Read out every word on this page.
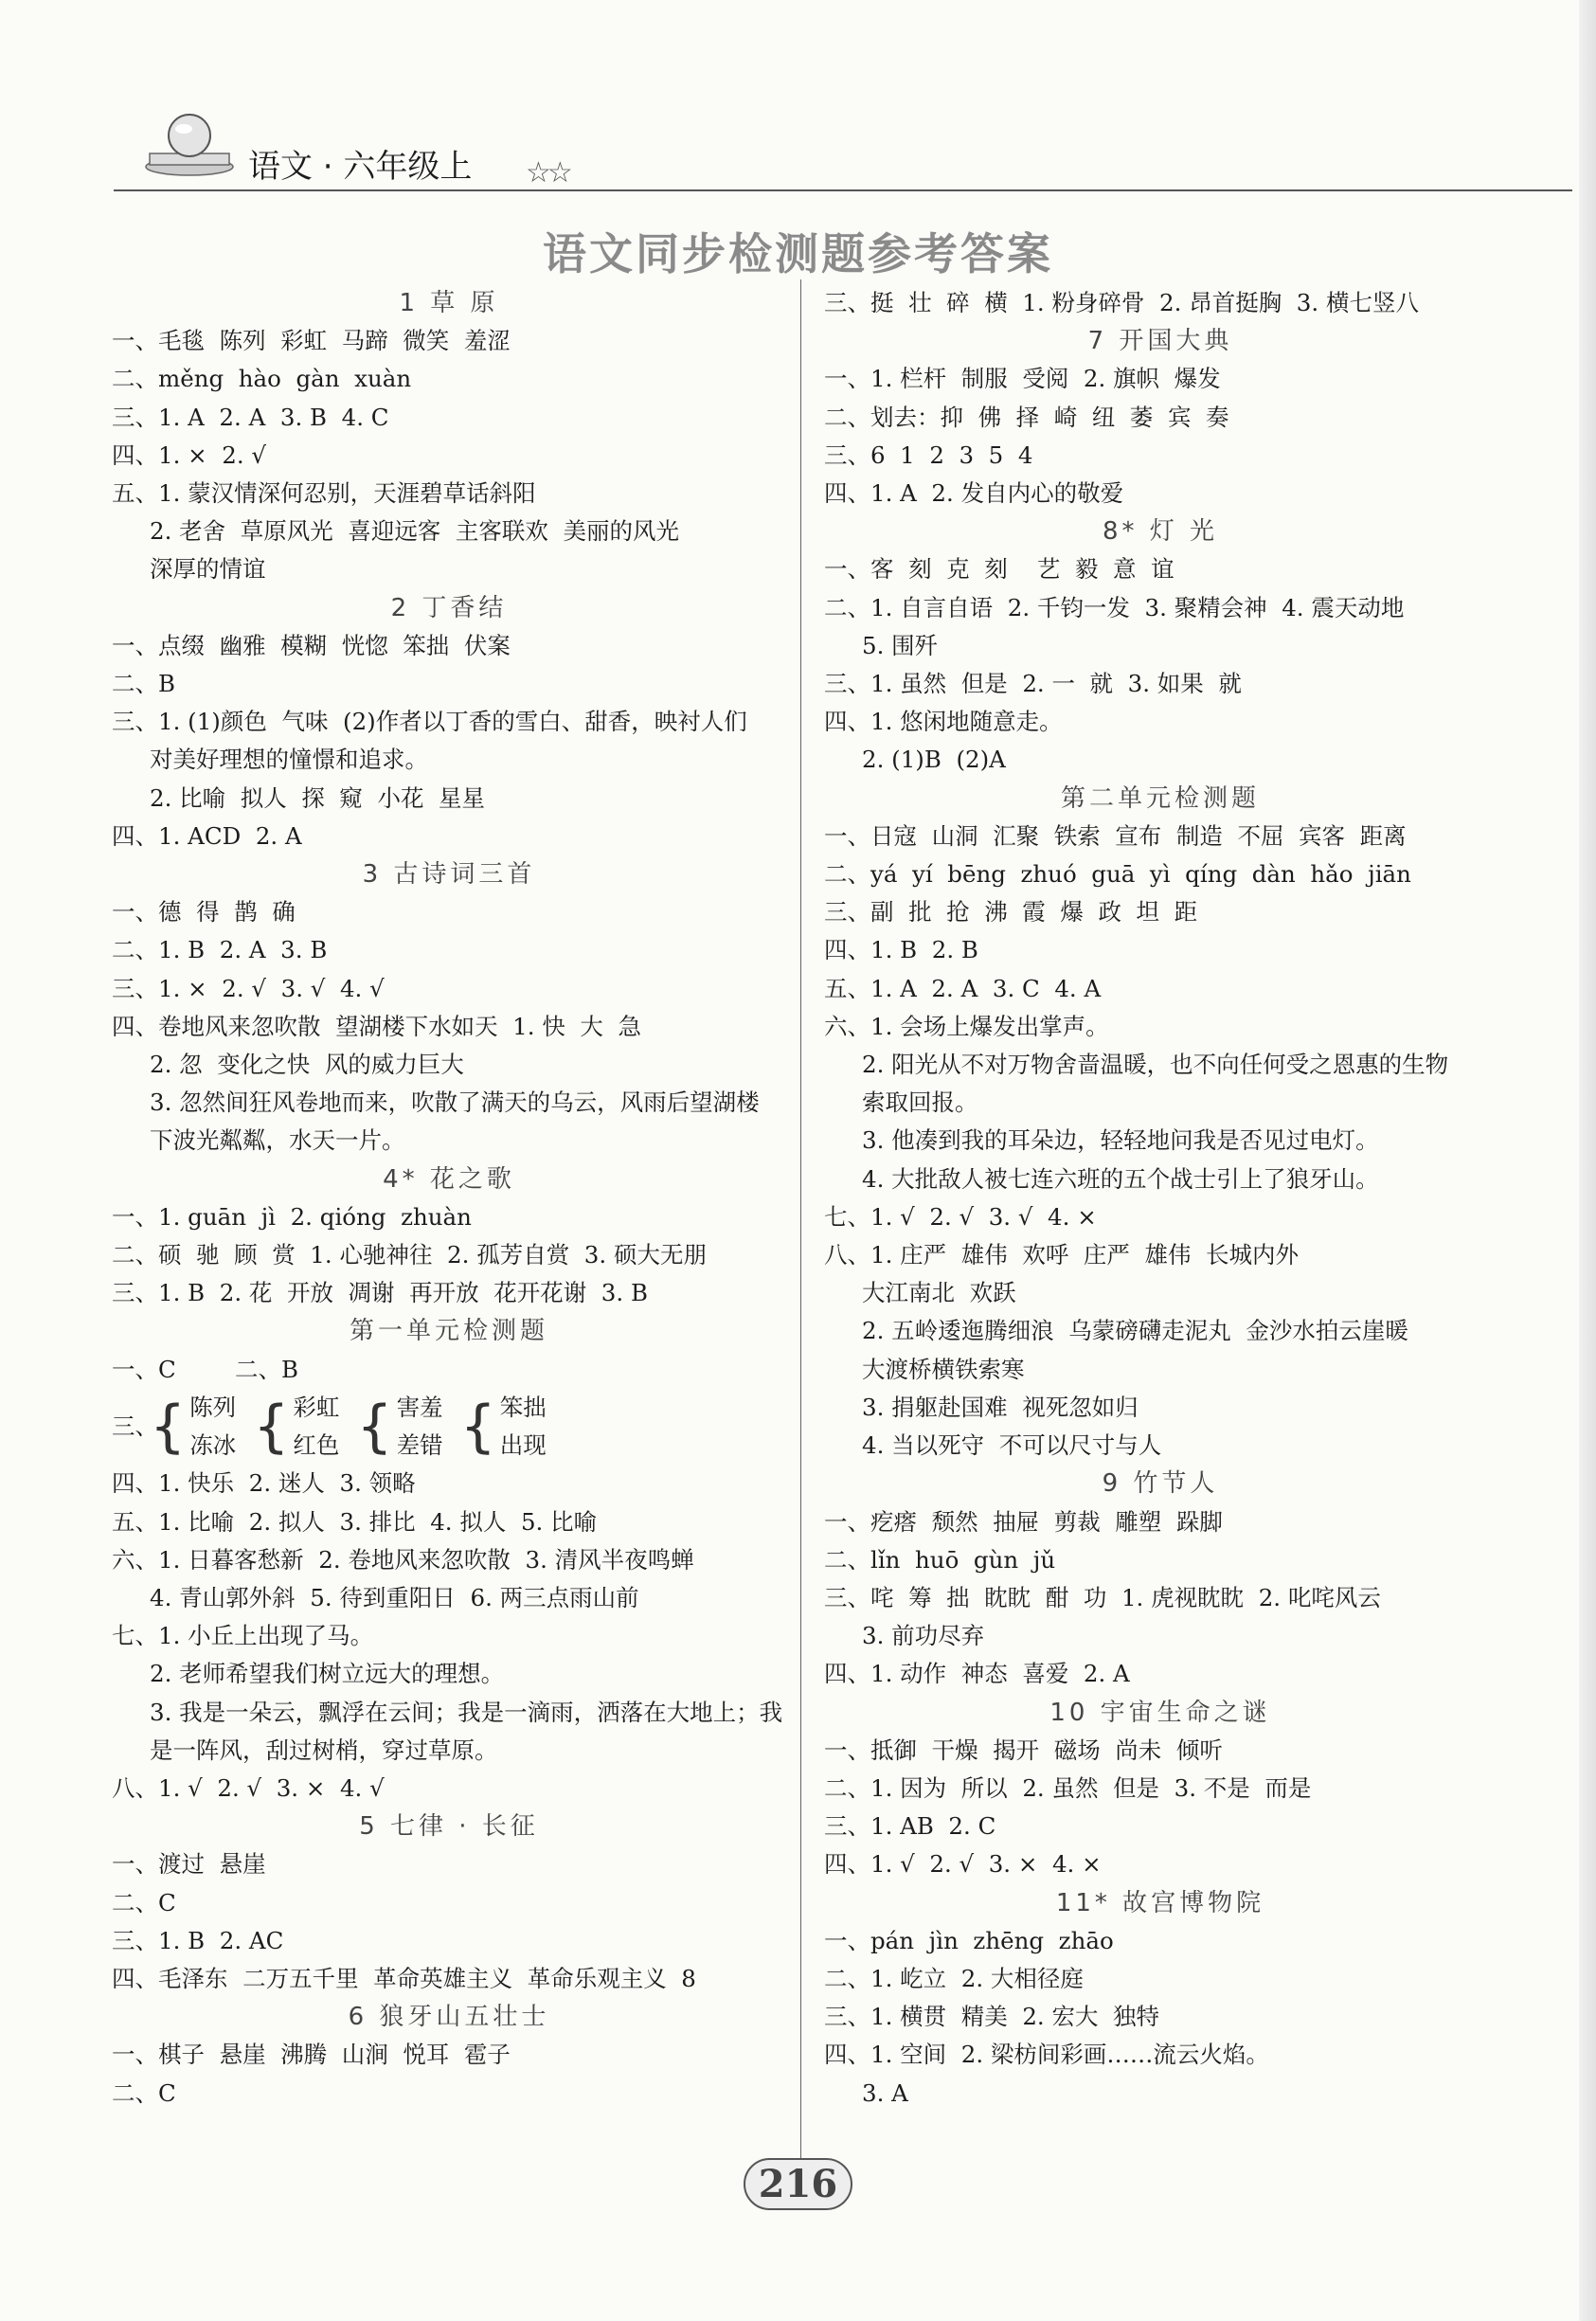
语文 · 六年级上 ☆☆
语文同步检测题参考答案
1 草 原
一、毛毯  陈列  彩虹  马蹄  微笑  羞涩
二、měng  hào  gàn  xuàn
三、1. A  2. A  3. B  4. C
四、1. ×  2. √
五、1. 蒙汉情深何忍别，天涯碧草话斜阳
2. 老舍  草原风光  喜迎远客  主客联欢  美丽的风光
深厚的情谊
2 丁香结
一、点缀  幽雅  模糊  恍惚  笨拙  伏案
二、B
三、1. (1)颜色  气味  (2)作者以丁香的雪白、甜香，映衬人们
对美好理想的憧憬和追求。
2. 比喻  拟人  探  窥  小花  星星
四、1. ACD  2. A
3 古诗词三首
一、德  得  鹊  确
二、1. B  2. A  3. B
三、1. ×  2. √  3. √  4. √
四、卷地风来忽吹散  望湖楼下水如天  1. 快  大  急
2. 忽  变化之快  风的威力巨大
3. 忽然间狂风卷地而来，吹散了满天的乌云，风雨后望湖楼
下波光粼粼，水天一片。
4* 花之歌
一、1. guān  jì  2. qióng  zhuàn
二、硕  驰  顾  赏  1. 心驰神往  2. 孤芳自赏  3. 硕大无朋
三、1. B  2. 花  开放  凋谢  再开放  花开花谢  3. B
第一单元检测题
一、C        二、B
三、
{ 陈列
冻冰 { 彩虹
红色 { 害羞
差错 { 笨拙
出现
四、1. 快乐  2. 迷人  3. 领略
五、1. 比喻  2. 拟人  3. 排比  4. 拟人  5. 比喻
六、1. 日暮客愁新  2. 卷地风来忽吹散  3. 清风半夜鸣蝉
4. 青山郭外斜  5. 待到重阳日  6. 两三点雨山前
七、1. 小丘上出现了马。
2. 老师希望我们树立远大的理想。
3. 我是一朵云，飘浮在云间；我是一滴雨，洒落在大地上；我
是一阵风，刮过树梢，穿过草原。
八、1. √  2. √  3. ×  4. √
5 七律 · 长征
一、渡过  悬崖
二、C
三、1. B  2. AC
四、毛泽东  二万五千里  革命英雄主义  革命乐观主义  8
6 狼牙山五壮士
一、棋子  悬崖  沸腾  山涧  悦耳  雹子
二、C
三、挺  壮  碎  横  1. 粉身碎骨  2. 昂首挺胸  3. 横七竖八
7 开国大典
一、1. 栏杆  制服  受阅  2. 旗帜  爆发
二、划去：抑  佛  择  崎  纽  萎  宾  奏
三、6  1  2  3  5  4
四、1. A  2. 发自内心的敬爱
8* 灯 光
一、客  刻  克  刻    艺  毅  意  谊
二、1. 自言自语  2. 千钧一发  3. 聚精会神  4. 震天动地
5. 围歼
三、1. 虽然  但是  2. 一  就  3. 如果  就
四、1. 悠闲地随意走。
2. (1)B  (2)A
第二单元检测题
一、日寇  山洞  汇聚  铁索  宣布  制造  不屈  宾客  距离
二、yá  yí  bēng  zhuó  guā  yì  qíng  dàn  hǎo  jiān
三、副  批  抢  沸  霞  爆  政  坦  距
四、1. B  2. B
五、1. A  2. A  3. C  4. A
六、1. 会场上爆发出掌声。
2. 阳光从不对万物舍啬温暖，也不向任何受之恩惠的生物
索取回报。
3. 他凑到我的耳朵边，轻轻地问我是否见过电灯。
4. 大批敌人被七连六班的五个战士引上了狼牙山。
七、1. √  2. √  3. √  4. ×
八、1. 庄严  雄伟  欢呼  庄严  雄伟  长城内外
大江南北  欢跃
2. 五岭逶迤腾细浪  乌蒙磅礴走泥丸  金沙水拍云崖暖
大渡桥横铁索寒
3. 捐躯赴国难  视死忽如归
4. 当以死守  不可以尺寸与人
9 竹节人
一、疙瘩  颓然  抽屉  剪裁  雕塑  跺脚
二、lǐn  huō  gùn  jǔ
三、咤  筹  拙  眈眈  酣  功  1. 虎视眈眈  2. 叱咤风云
3. 前功尽弃
四、1. 动作  神态  喜爱  2. A
10 宇宙生命之谜
一、抵御  干燥  揭开  磁场  尚未  倾听
二、1. 因为  所以  2. 虽然  但是  3. 不是  而是
三、1. AB  2. C
四、1. √  2. √  3. ×  4. ×
11* 故宫博物院
一、pán  jìn  zhēng  zhāo
二、1. 屹立  2. 大相径庭
三、1. 横贯  精美  2. 宏大  独特
四、1. 空间  2. 梁枋间彩画……流云火焰。
3. A
216
